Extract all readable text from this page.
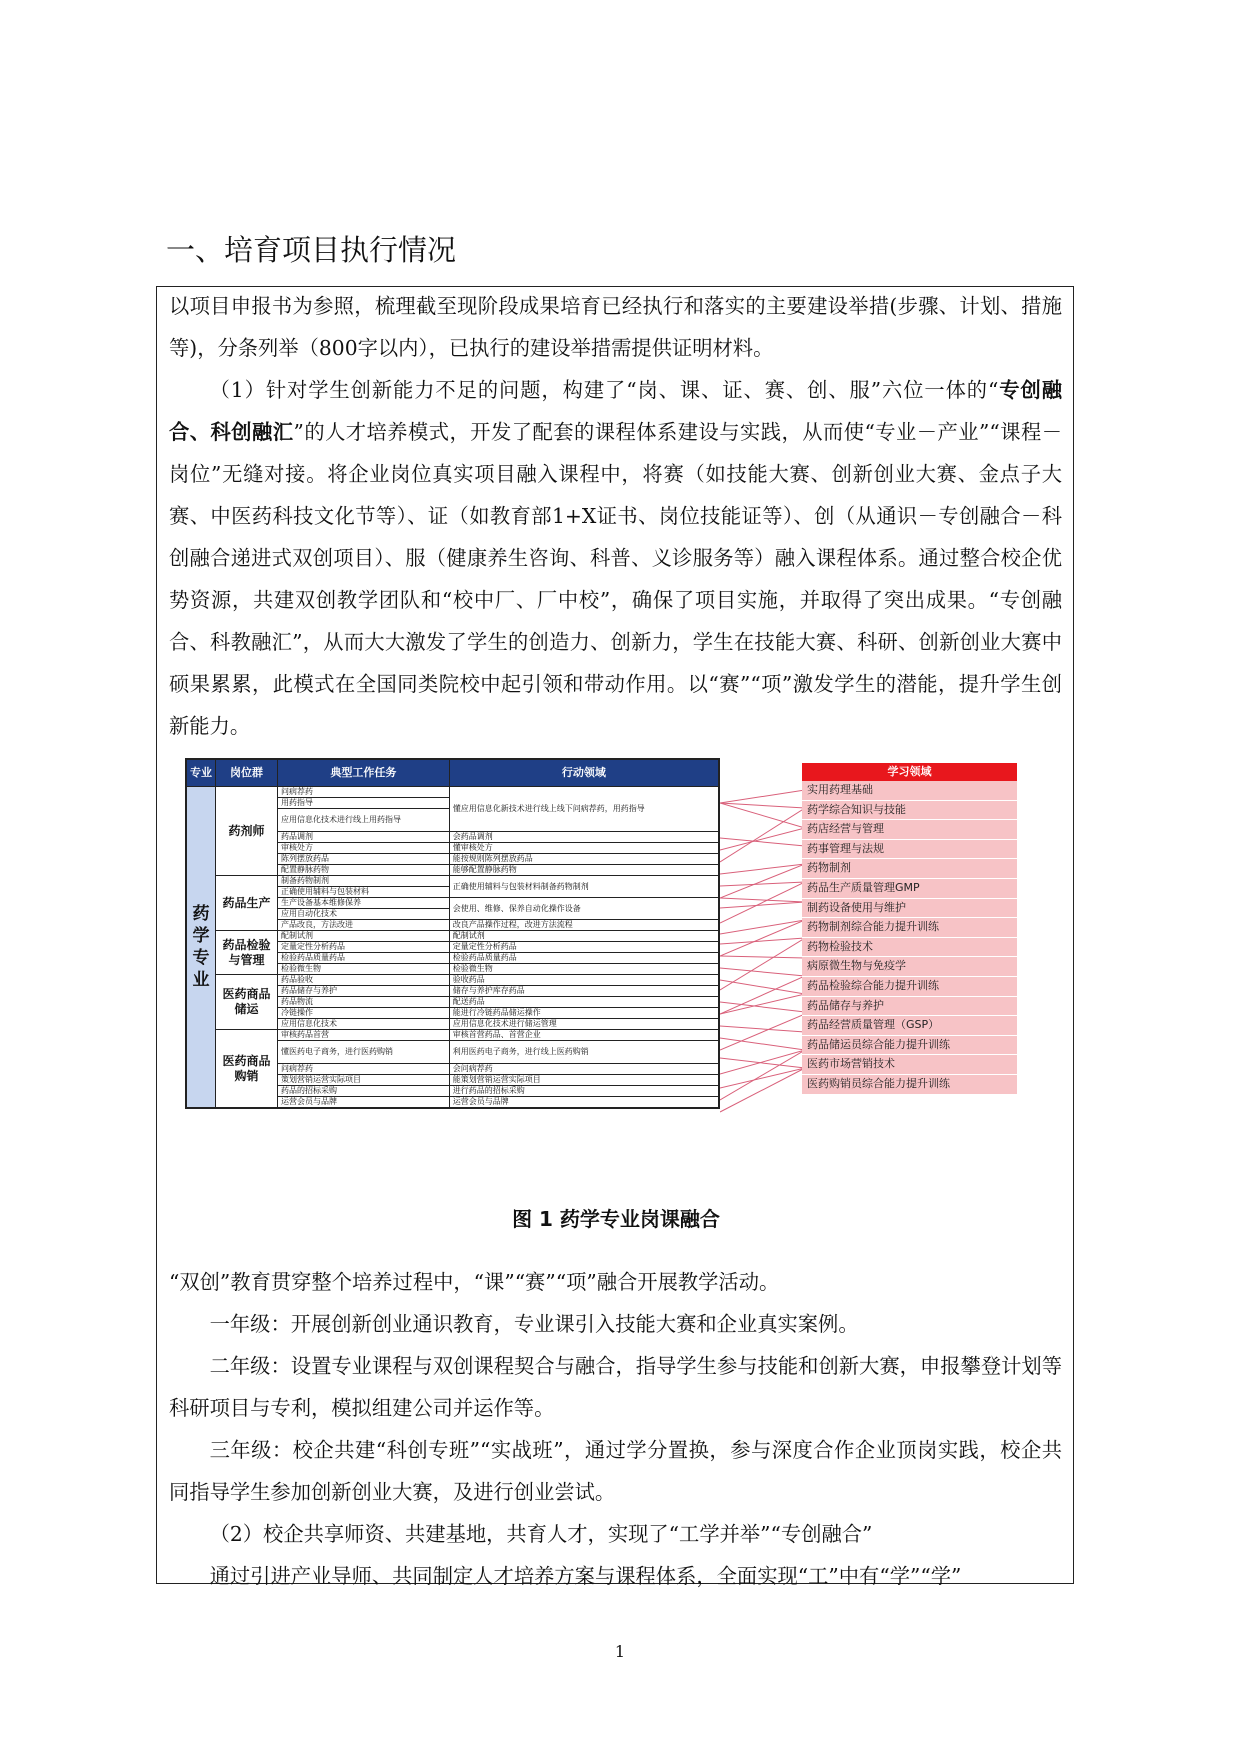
一、培育项目执行情况

以项目申报书为参照，梳理截至现阶段成果培育已经执行和落实的主要建设举措(步骤、计划、措施等)，分条列举（800字以内），已执行的建设举措需提供证明材料。

（1）针对学生创新能力不足的问题，构建了“岗、课、证、赛、创、服”六位一体的“专创融合、科创融汇”的人才培养模式，开发了配套的课程体系建设与实践，从而使“专业－产业”“课程－岗位”无缝对接。将企业岗位真实项目融入课程中，将赛（如技能大赛、创新创业大赛、金点子大赛、中医药科技文化节等）、证（如教育部1+X证书、岗位技能证等）、创（从通识－专创融合－科创融合递进式双创项目）、服（健康养生咨询、科普、义诊服务等）融入课程体系。通过整合校企优势资源，共建双创教学团队和“校中厂、厂中校”，确保了项目实施，并取得了突出成果。“专创融合、科教融汇”，从而大大激发了学生的创造力、创新力，学生在技能大赛、科研、创新创业大赛中硕果累累，此模式在全国同类院校中起引领和带动作用。以“赛”“项”激发学生的潜能，提升学生创新能力。

专业	岗位群	典型工作任务	行动领域
药学专业	药剂师	问病荐药	懂应用信息化新技术进行线上线下问病荐药，用药指导
		用药指导	
		应用信息化技术进行线上用药指导	
		药品调剂	会药品调剂
		审核处方	懂审核处方
		陈列摆放药品	能按规则陈列摆放药品
		配置静脉药物	能够配置静脉药物
	药品生产	制备药物制剂	正确使用辅料与包装材料制备药物制剂
		正确使用辅料与包装材料	
		生产设备基本维修保养	会使用、维修、保养自动化操作设备
		应用自动化技术	
		产品改良，方法改进	改良产品操作过程，改进方法流程
	药品检验与管理	配制试剂	配制试剂
		定量定性分析药品	定量定性分析药品
		检验药品质量药品	检验药品质量药品
		检验微生物	检验微生物
	医药商品储运	药品验收	验收药品
		药品储存与养护	储存与养护库存药品
		药品物流	配送药品
		冷链操作	能进行冷链药品储运操作
		应用信息化技术	应用信息化技术进行储运管理
	医药商品购销	审核药品首营	审核首营药品、首营企业
		懂医药电子商务，进行医药购销	利用医药电子商务，进行线上医药购销
		问病荐药	会问病荐药
		策划营销运营实际项目	能策划营销运营实际项目
		药品的招标采购	进行药品的招标采购
		运营会员与品牌	运营会员与品牌
学习领域
实用药理基础
药学综合知识与技能
药店经营与管理
药事管理与法规
药物制剂
药品生产质量管理GMP
制药设备使用与维护
药物制剂综合能力提升训练
药物检验技术
病原微生物与免疫学
药品检验综合能力提升训练
药品储存与养护
药品经营质量管理（GSP）
药品储运员综合能力提升训练
医药市场营销技术
医药购销员综合能力提升训练
图 1 药学专业岗课融合

“双创”教育贯穿整个培养过程中，“课”“赛”“项”融合开展教学活动。

一年级：开展创新创业通识教育，专业课引入技能大赛和企业真实案例。

二年级：设置专业课程与双创课程契合与融合，指导学生参与技能和创新大赛，申报攀登计划等科研项目与专利，模拟组建公司并运作等。

三年级：校企共建“科创专班”“实战班”，通过学分置换，参与深度合作企业顶岗实践，校企共同指导学生参加创新创业大赛，及进行创业尝试。

（2）校企共享师资、共建基地，共育人才，实现了“工学并举”“专创融合”

通过引进产业导师、共同制定人才培养方案与课程体系，全面实现“工”中有“学”“学”

1
